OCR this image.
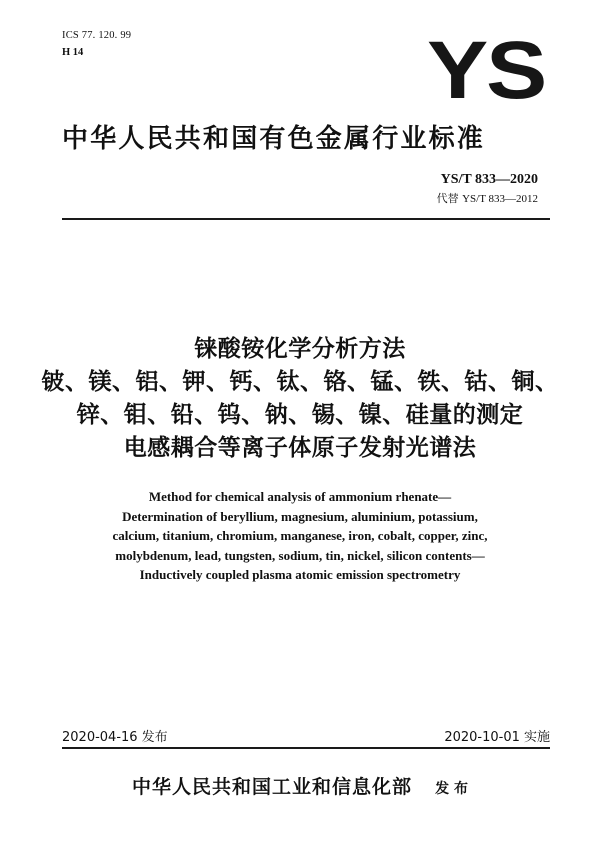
ICS 77. 120. 99
H 14	YS
中华人民共和国有色金属行业标准
YS/T 833—2020
代替 YS/T 833—2012
铼酸铵化学分析方法
铍、镁、铝、钾、钙、钛、铬、锰、铁、钴、铜、
锌、钼、铅、钨、钠、锡、镍、硅量的测定
电感耦合等离子体原子发射光谱法
Method for chemical analysis of ammonium rhenate—
Determination of beryllium, magnesium, aluminium, potassium,
calcium, titanium, chromium, manganese, iron, cobalt, copper, zinc,
molybdenum, lead, tungsten, sodium, tin, nickel, silicon contents—
Inductively coupled plasma atomic emission spectrometry
2020-04-16 发布	2020-10-01 实施
中华人民共和国工业和信息化部 发 布
